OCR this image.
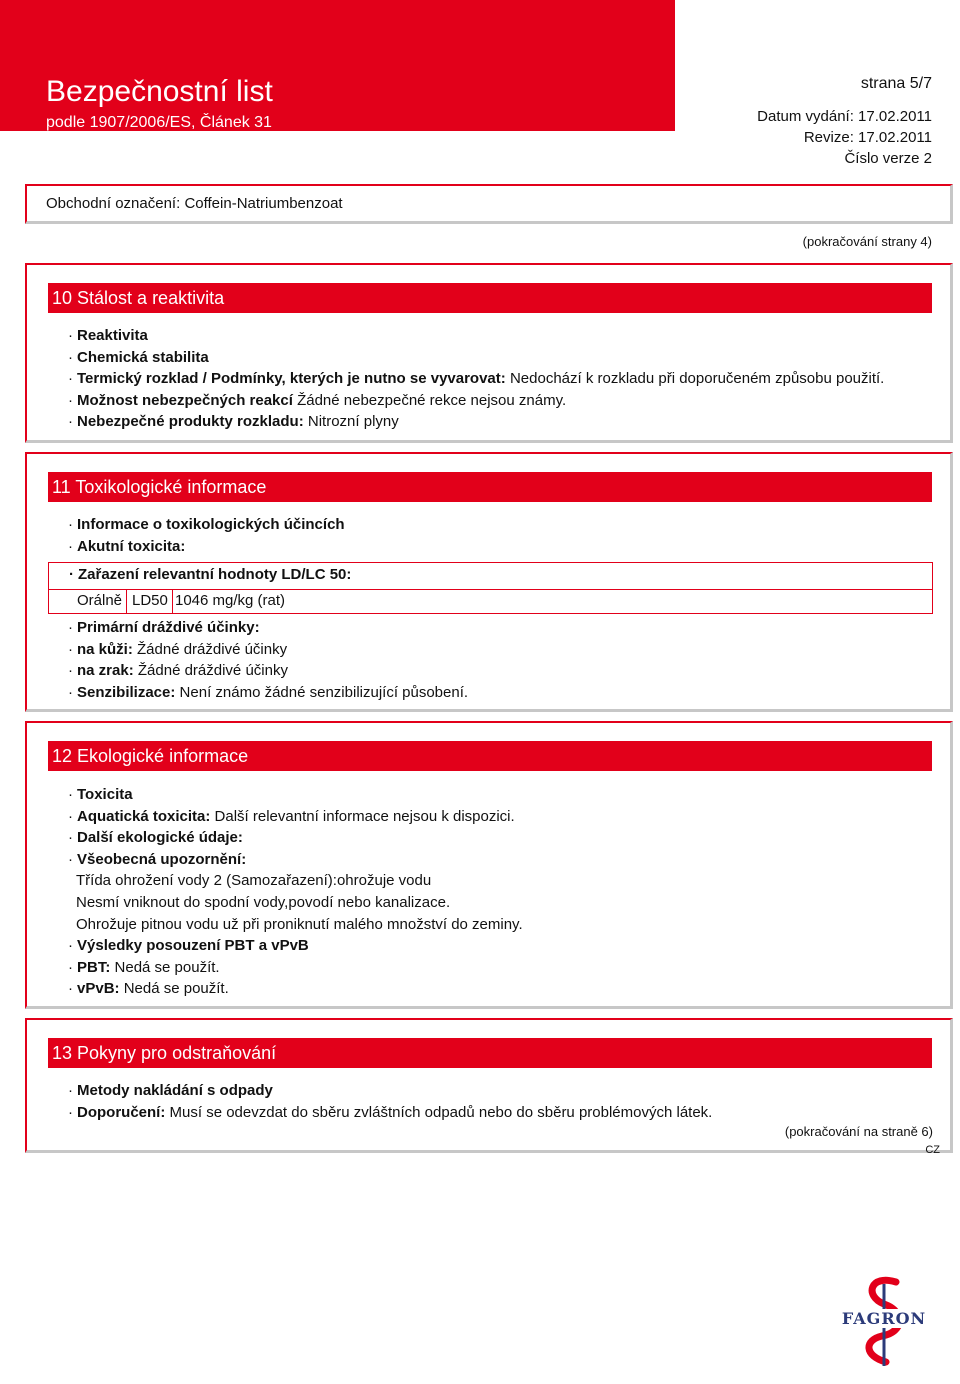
Bezpečnostní list
podle 1907/2006/ES, Článek 31
strana 5/7
Datum vydání: 17.02.2011
Revize: 17.02.2011
Číslo verze 2
Obchodní označení: Coffein-Natriumbenzoat
(pokračování strany 4)
10 Stálost a reaktivita
· Reaktivita
· Chemická stabilita
· Termický rozklad / Podmínky, kterých je nutno se vyvarovat: Nedochází k rozkladu při doporučeném způsobu použití.
· Možnost nebezpečných reakcí Žádné nebezpečné rekce nejsou známy.
· Nebezpečné produkty rozkladu: Nitrozní plyny
11 Toxikologické informace
· Informace o toxikologických účincích
· Akutní toxicita:
· Zařazení relevantní hodnoty LD/LC 50:
Orálně LD50 1046 mg/kg (rat)
· Primární dráždivé účinky:
· na kůži: Žádné dráždivé účinky
· na zrak: Žádné dráždivé účinky
· Senzibilizace: Není známo žádné senzibilizující působení.
12 Ekologické informace
· Toxicita
· Aquatická toxicita: Další relevantní informace nejsou k dispozici.
· Další ekologické údaje:
· Všeobecná upozornění:
Třída ohrožení vody 2 (Samozařazení):ohrožuje vodu
Nesmí vniknout do spodní vody,povodí nebo kanalizace.
Ohrožuje pitnou vodu už při proniknutí malého množství do zeminy.
· Výsledky posouzení PBT a vPvB
· PBT: Nedá se použít.
· vPvB: Nedá se použít.
13 Pokyny pro odstraňování
· Metody nakládání s odpady
· Doporučení: Musí se odevzdat do sběru zvláštních odpadů nebo do sběru problémových látek.
(pokračování na straně 6)
CZ
FAGRON
